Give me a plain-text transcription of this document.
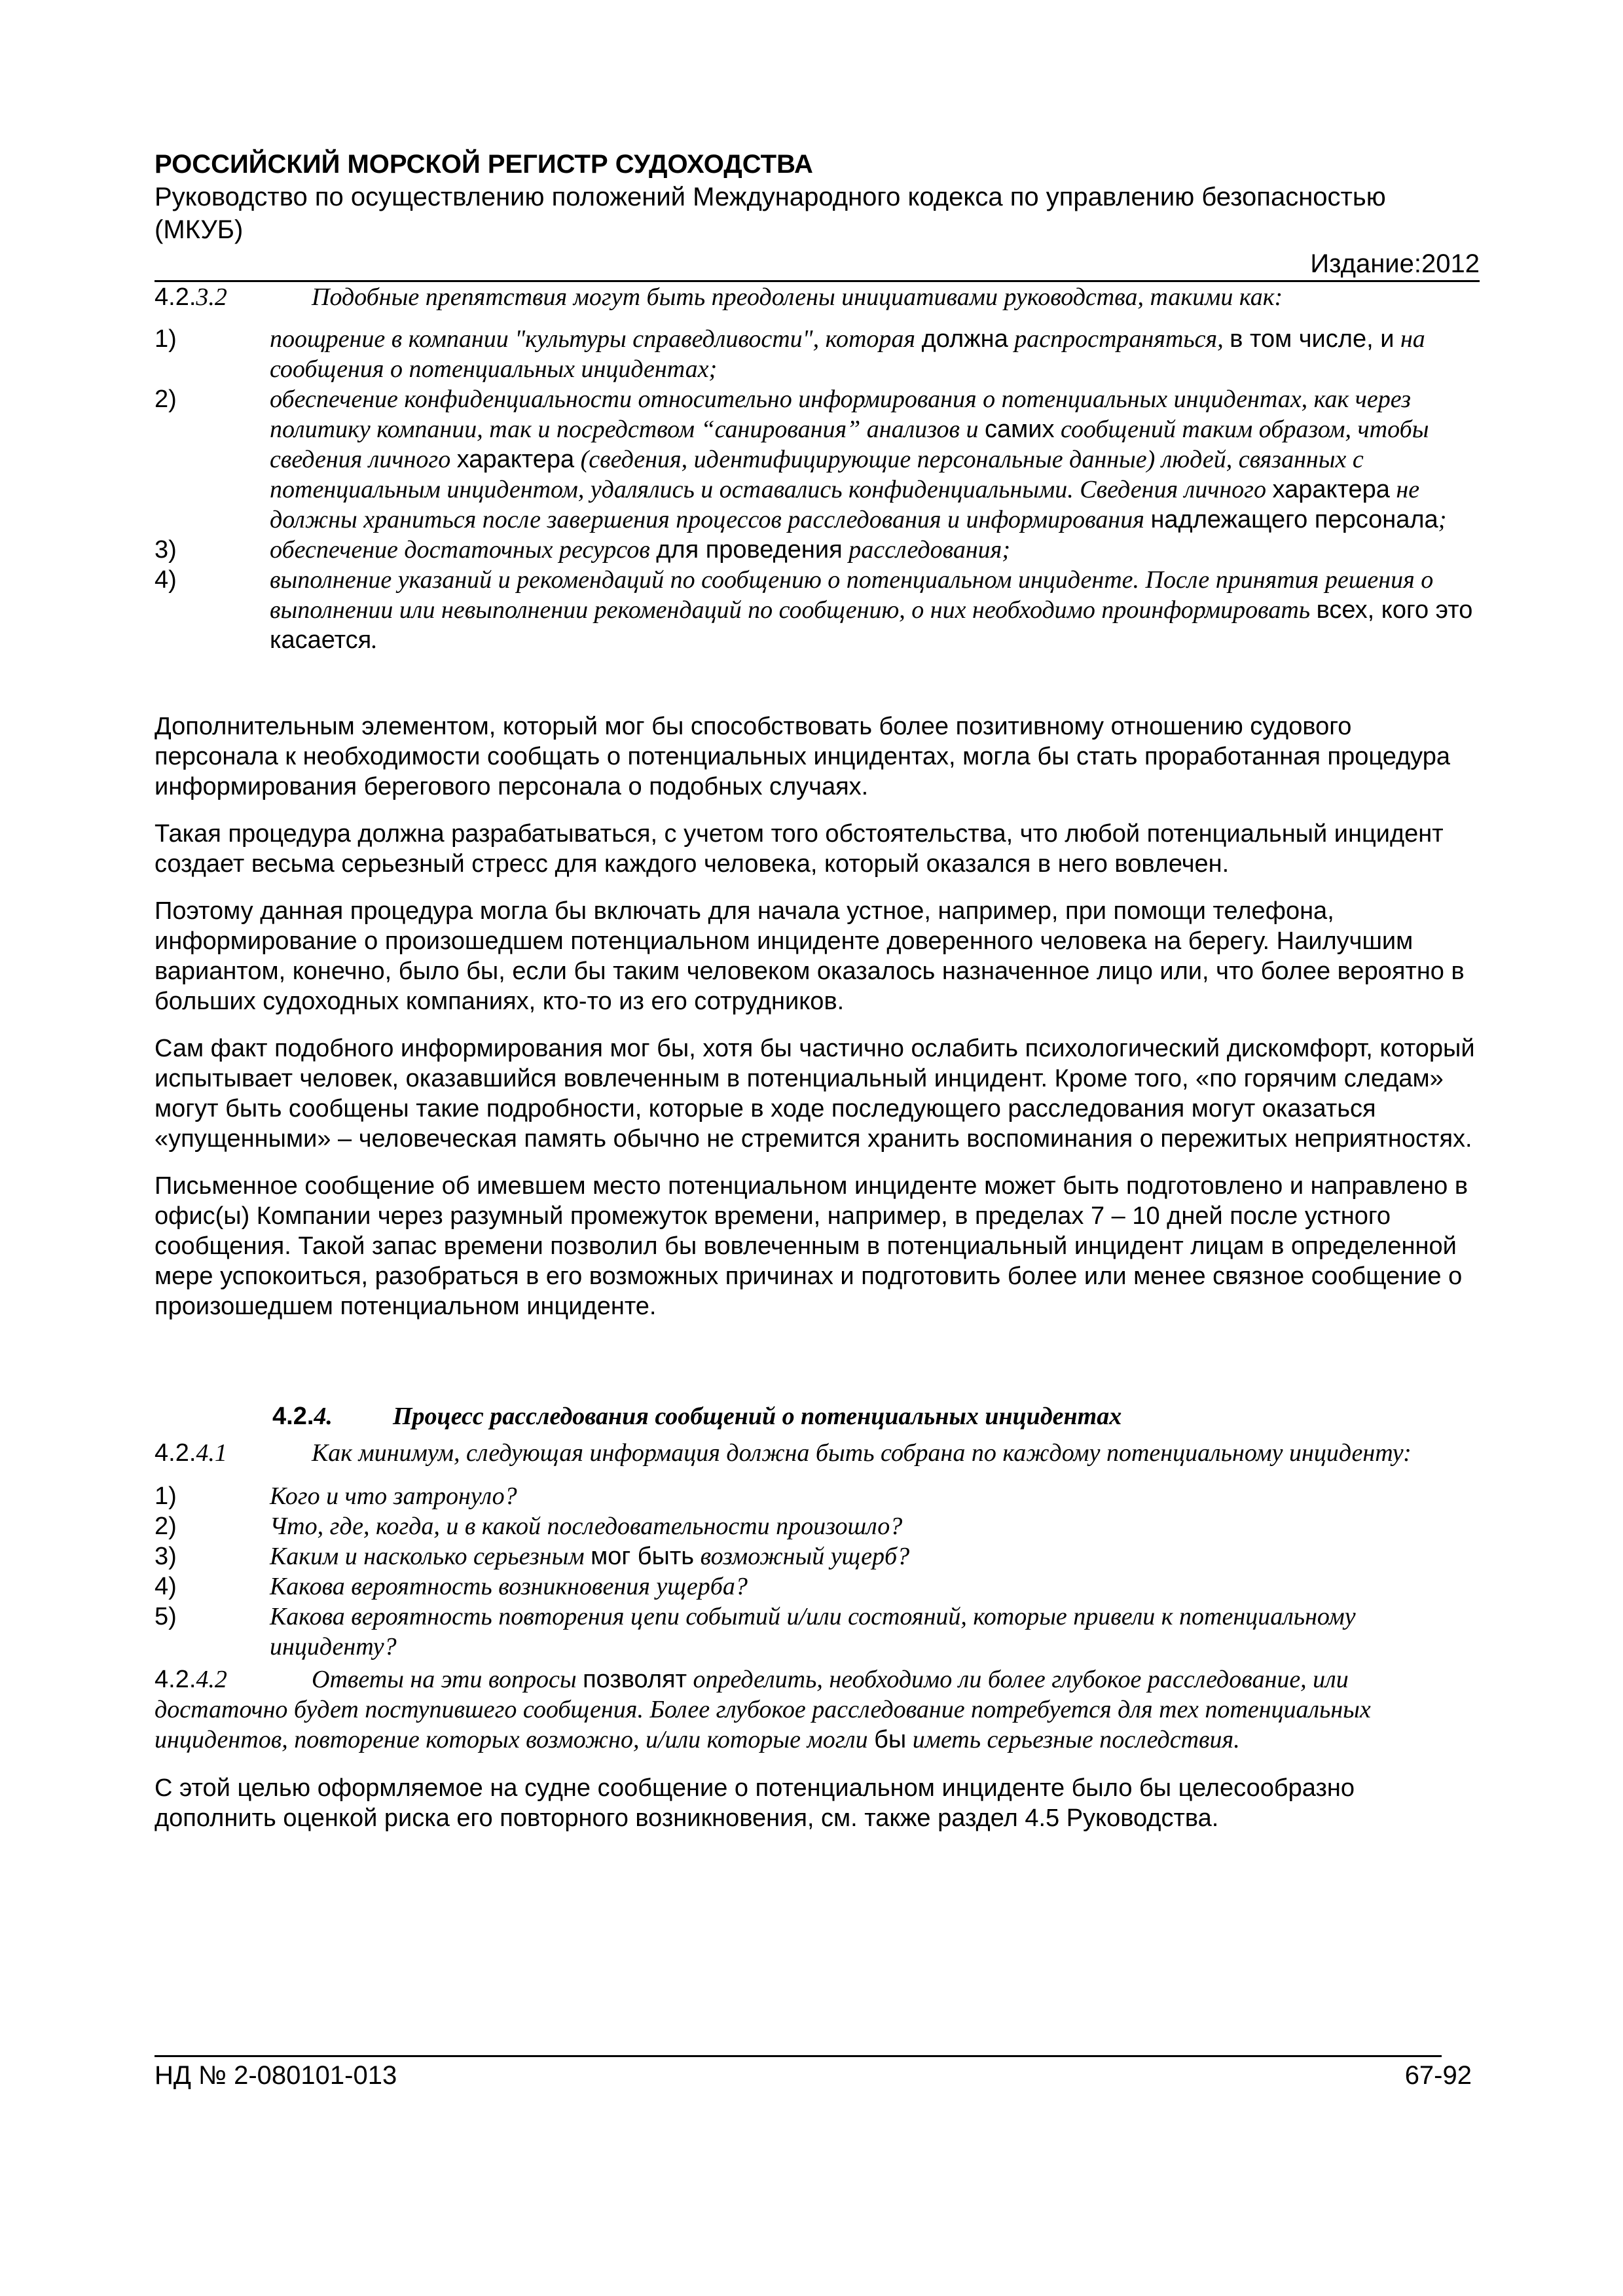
РОССИЙСКИЙ МОРСКОЙ РЕГИСТР СУДОХОДСТВА
Руководство по осуществлению положений Международного кодекса по управлению безопасностью (МКУБ)
Издание:2012
4.2.3.2	Подобные препятствия могут быть преодолены инициативами руководства, такими как:
1)	поощрение в компании "культуры справедливости", которая должна распространяться, в том числе, и на сообщения о потенциальных инцидентах;
2)	обеспечение конфиденциальности относительно информирования о потенциальных инцидентах, как через политику компании, так и посредством “санирования” анализов и самих сообщений таким образом, чтобы сведения личного характера (сведения, идентифицирующие персональные данные) людей, связанных с потенциальным инцидентом, удалялись и оставались конфиденциальными. Сведения личного характера не должны храниться после завершения процессов расследования и информирования надлежащего персонала;
3)	обеспечение достаточных ресурсов для проведения расследования;
4)	выполнение указаний и рекомендаций по сообщению о потенциальном инциденте. После принятия решения о выполнении или невыполнении рекомендаций по сообщению, о них необходимо проинформировать всех, кого это касается.

Дополнительным элементом, который мог бы способствовать более позитивному отношению судового персонала к необходимости сообщать о потенциальных инцидентах, могла бы стать проработанная процедура информирования берегового персонала о подобных случаях.

Такая процедура должна разрабатываться, с учетом того обстоятельства, что любой потенциальный инцидент создает весьма серьезный стресс для каждого человека, который оказался в него вовлечен.

Поэтому данная процедура могла бы включать для начала устное, например, при помощи телефона, информирование о произошедшем потенциальном инциденте доверенного человека на берегу. Наилучшим вариантом, конечно, было бы, если бы таким человеком оказалось назначенное лицо или, что более вероятно в больших судоходных компаниях, кто-то из его сотрудников.

Сам факт подобного информирования мог бы, хотя бы частично ослабить психологический дискомфорт, который испытывает человек, оказавшийся вовлеченным в потенциальный инцидент. Кроме того, «по горячим следам» могут быть сообщены такие подробности, которые в ходе последующего расследования могут оказаться «упущенными» – человеческая память обычно не стремится хранить воспоминания о пережитых неприятностях.

Письменное сообщение об имевшем место потенциальном инциденте может быть подготовлено и направлено в офис(ы) Компании через разумный промежуток времени, например, в пределах 7 – 10 дней после устного сообщения. Такой запас времени позволил бы вовлеченным в потенциальный инцидент лицам в определенной мере успокоиться, разобраться в его возможных причинах и подготовить более или менее связное сообщение о произошедшем потенциальном инциденте.

4.2.4. Процесс расследования сообщений о потенциальных инцидентах
4.2.4.1	Как минимум, следующая информация должна быть собрана по каждому потенциальному инциденту:
1)	Кого и что затронуло?
2)	Что, где, когда, и в какой последовательности произошло?
3)	Каким и насколько серьезным мог быть возможный ущерб?
4)	Какова вероятность возникновения ущерба?
5)	Какова вероятность повторения цепи событий и/или состояний, которые привели к потенциальному инциденту?
4.2.4.2	Ответы на эти вопросы позволят определить, необходимо ли более глубокое расследование, или достаточно будет поступившего сообщения. Более глубокое расследование потребуется для тех потенциальных инцидентов, повторение которых возможно, и/или которые могли бы иметь серьезные последствия.

С этой целью оформляемое на судне сообщение о потенциальном инциденте было бы целесообразно дополнить оценкой риска его повторного возникновения, см. также раздел 4.5 Руководства.

НД № 2-080101-013	67-92
